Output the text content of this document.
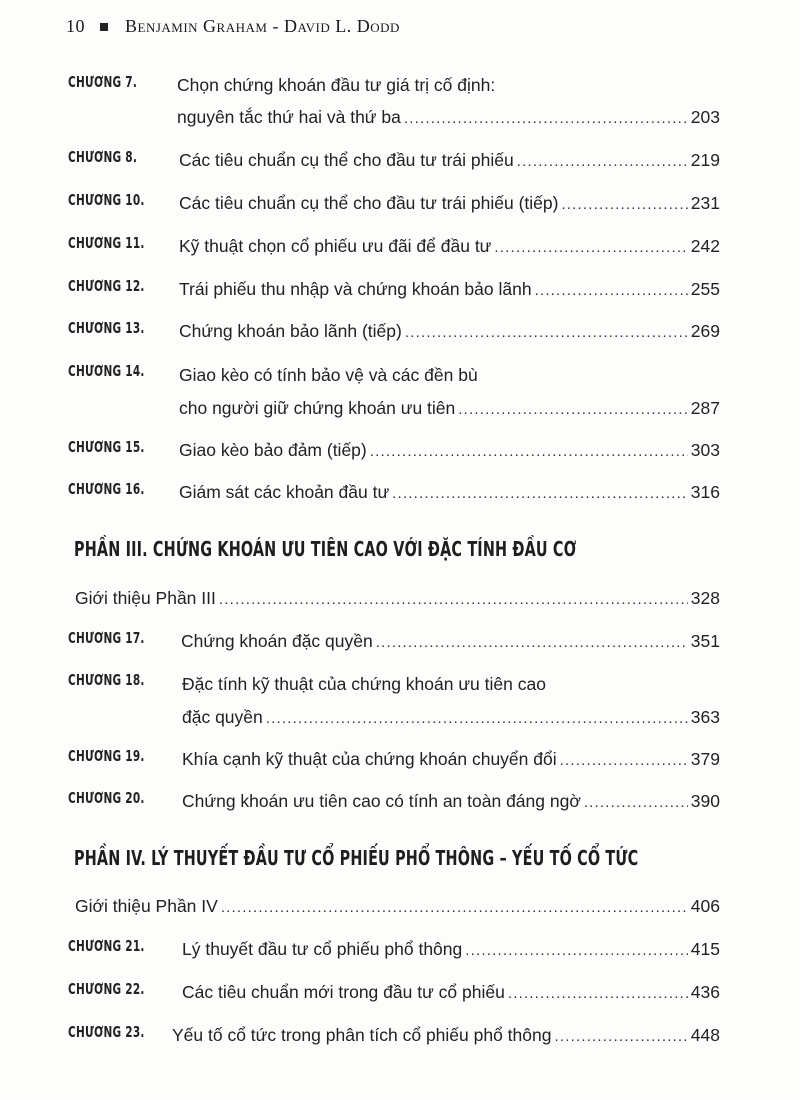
10 Benjamin Graham - David L. Dodd
CHƯƠNG 7. Chọn chứng khoán đầu tư giá trị cố định:
nguyên tắc thứ hai và thứ ba .....	203
CHƯƠNG 8. Các tiêu chuẩn cụ thể cho đầu tư trái phiếu .....	219
CHƯƠNG 10. Các tiêu chuẩn cụ thể cho đầu tư trái phiếu (tiếp) .....	231
CHƯƠNG 11. Kỹ thuật chọn cổ phiếu ưu đãi để đầu tư .....	242
CHƯƠNG 12. Trái phiếu thu nhập và chứng khoán bảo lãnh .....	255
CHƯƠNG 13. Chứng khoán bảo lãnh (tiếp) .....	269
CHƯƠNG 14. Giao kèo có tính bảo vệ và các đền bù
cho người giữ chứng khoán ưu tiên .....	287
CHƯƠNG 15. Giao kèo bảo đảm (tiếp) .....	303
CHƯƠNG 16. Giám sát các khoản đầu tư .....	316
PHẦN III. CHỨNG KHOÁN ƯU TIÊN CAO VỚI ĐẶC TÍNH ĐẦU CƠ
Giới thiệu Phần III .....	328
CHƯƠNG 17. Chứng khoán đặc quyền .....	351
CHƯƠNG 18. Đặc tính kỹ thuật của chứng khoán ưu tiên cao
đặc quyền .....	363
CHƯƠNG 19. Khía cạnh kỹ thuật của chứng khoán chuyển đổi .....	379
CHƯƠNG 20. Chứng khoán ưu tiên cao có tính an toàn đáng ngờ .....	390
PHẦN IV. LÝ THUYẾT ĐẦU TƯ CỔ PHIẾU PHỔ THÔNG – YẾU TỐ CỔ TỨC
Giới thiệu Phần IV .....	406
CHƯƠNG 21. Lý thuyết đầu tư cổ phiếu phổ thông .....	415
CHƯƠNG 22. Các tiêu chuẩn mới trong đầu tư cổ phiếu .....	436
CHƯƠNG 23. Yếu tố cổ tức trong phân tích cổ phiếu phổ thông .....	448
